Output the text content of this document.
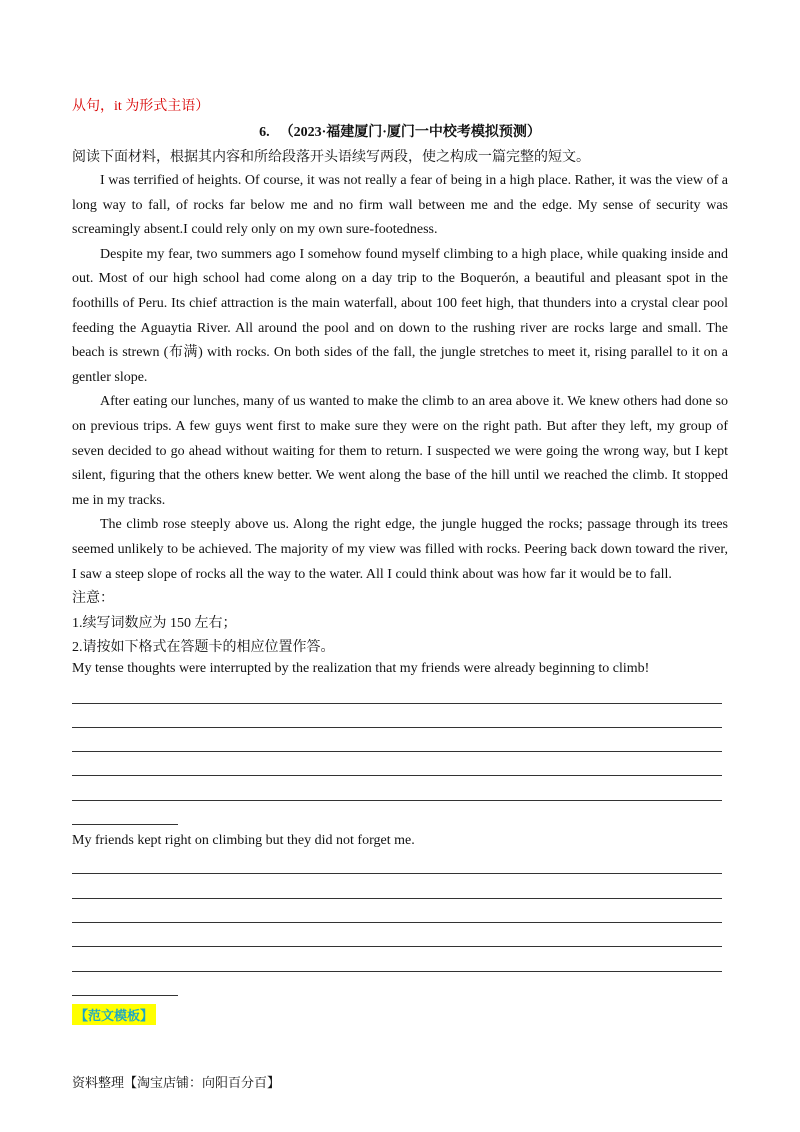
从句，it 为形式主语）
6. （2023·福建厦门·厦门一中校考模拟预测）
阅读下面材料，根据其内容和所给段落开头语续写两段，使之构成一篇完整的短文。

I was terrified of heights. Of course, it was not really a fear of being in a high place. Rather, it was the view of a long way to fall, of rocks far below me and no firm wall between me and the edge. My sense of security was screamingly absent.I could rely only on my own sure-footedness.

Despite my fear, two summers ago I somehow found myself climbing to a high place, while quaking inside and out. Most of our high school had come along on a day trip to the Boquerón, a beautiful and pleasant spot in the foothills of Peru. Its chief attraction is the main waterfall, about 100 feet high, that thunders into a crystal clear pool feeding the Aguaytia River. All around the pool and on down to the rushing river are rocks large and small. The beach is strewn (布满) with rocks. On both sides of the fall, the jungle stretches to meet it, rising parallel to it on a gentler slope.

After eating our lunches, many of us wanted to make the climb to an area above it. We knew others had done so on previous trips. A few guys went first to make sure they were on the right path. But after they left, my group of seven decided to go ahead without waiting for them to return. I suspected we were going the wrong way, but I kept silent, figuring that the others knew better. We went along the base of the hill until we reached the climb. It stopped me in my tracks.

The climb rose steeply above us. Along the right edge, the jungle hugged the rocks; passage through its trees seemed unlikely to be achieved. The majority of my view was filled with rocks. Peering back down toward the river, I saw a steep slope of rocks all the way to the water. All I could think about was how far it would be to fall.

注意：
1.续写词数应为 150 左右；
2.请按如下格式在答题卡的相应位置作答。
My tense thoughts were interrupted by the realization that my friends were already beginning to climb!
My friends kept right on climbing but they did not forget me.
【范文模板】
资料整理【淘宝店铺：向阳百分百】
